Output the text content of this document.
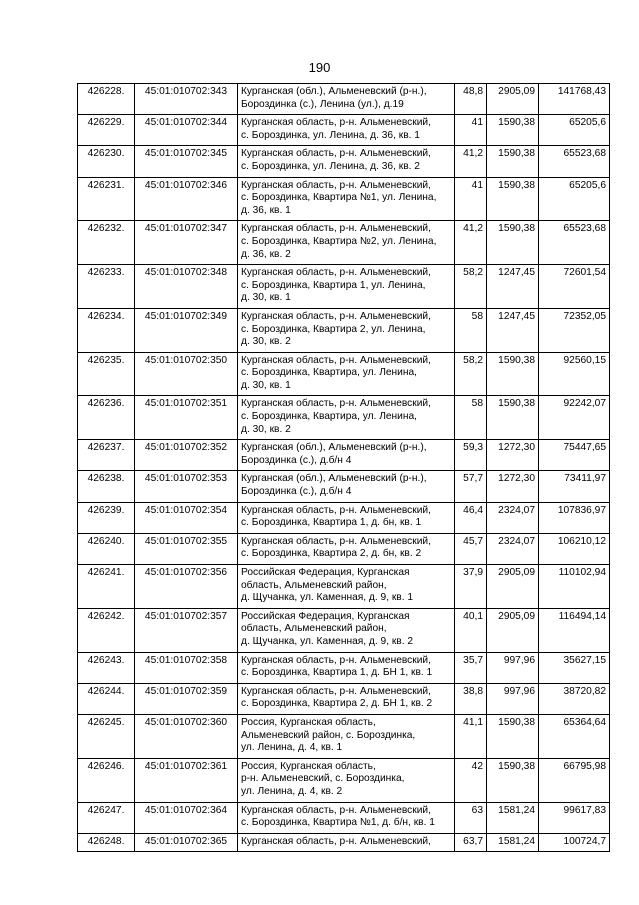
190
426228.	45:01:010702:343	Курганская (обл.), Альменевский (р-н.),
Бороздинка (с.), Ленина (ул.), д.19	48,8	2905,09	141768,43
426229.	45:01:010702:344	Курганская область, р-н. Альменевский,
с. Бороздинка, ул. Ленина, д. 36, кв. 1	41	1590,38	65205,6
426230.	45:01:010702:345	Курганская область, р-н. Альменевский,
с. Бороздинка, ул. Ленина, д. 36, кв. 2	41,2	1590,38	65523,68
426231.	45:01:010702:346	Курганская область, р-н. Альменевский,
с. Бороздинка, Квартира №1, ул. Ленина,
д. 36, кв. 1	41	1590,38	65205,6
426232.	45:01:010702:347	Курганская область, р-н. Альменевский,
с. Бороздинка, Квартира №2, ул. Ленина,
д. 36, кв. 2	41,2	1590,38	65523,68
426233.	45:01:010702:348	Курганская область, р-н. Альменевский,
с. Бороздинка, Квартира 1, ул. Ленина,
д. 30, кв. 1	58,2	1247,45	72601,54
426234.	45:01:010702:349	Курганская область, р-н. Альменевский,
с. Бороздинка, Квартира 2, ул. Ленина,
д. 30, кв. 2	58	1247,45	72352,05
426235.	45:01:010702:350	Курганская область, р-н. Альменевский,
с. Бороздинка, Квартира, ул. Ленина,
д. 30, кв. 1	58,2	1590,38	92560,15
426236.	45:01:010702:351	Курганская область, р-н. Альменевский,
с. Бороздинка, Квартира, ул. Ленина,
д. 30, кв. 2	58	1590,38	92242,07
426237.	45:01:010702:352	Курганская (обл.), Альменевский (р-н.),
Бороздинка (с.), д.б/н 4	59,3	1272,30	75447,65
426238.	45:01:010702:353	Курганская (обл.), Альменевский (р-н.),
Бороздинка (с.), д.б/н 4	57,7	1272,30	73411,97
426239.	45:01:010702:354	Курганская область, р-н. Альменевский,
с. Бороздинка, Квартира 1, д. бн, кв. 1	46,4	2324,07	107836,97
426240.	45:01:010702:355	Курганская область, р-н. Альменевский,
с. Бороздинка, Квартира 2, д. бн, кв. 2	45,7	2324,07	106210,12
426241.	45:01:010702:356	Российская Федерация, Курганская
область, Альменевский район,
д. Щучанка, ул. Каменная, д. 9, кв. 1	37,9	2905,09	110102,94
426242.	45:01:010702:357	Российская Федерация, Курганская
область, Альменевский район,
д. Щучанка, ул. Каменная, д. 9, кв. 2	40,1	2905,09	116494,14
426243.	45:01:010702:358	Курганская область, р-н. Альменевский,
с. Бороздинка, Квартира 1, д. БН 1, кв. 1	35,7	997,96	35627,15
426244.	45:01:010702:359	Курганская область, р-н. Альменевский,
с. Бороздинка, Квартира 2, д. БН 1, кв. 2	38,8	997,96	38720,82
426245.	45:01:010702:360	Россия, Курганская область,
Альменевский район, с. Бороздинка,
ул. Ленина, д. 4, кв. 1	41,1	1590,38	65364,64
426246.	45:01:010702:361	Россия, Курганская область,
р-н. Альменевский, с. Бороздинка,
ул. Ленина, д. 4, кв. 2	42	1590,38	66795,98
426247.	45:01:010702:364	Курганская область, р-н. Альменевский,
с. Бороздинка, Квартира №1, д. б/н, кв. 1	63	1581,24	99617,83
426248.	45:01:010702:365	Курганская область, р-н. Альменевский,	63,7	1581,24	100724,7
